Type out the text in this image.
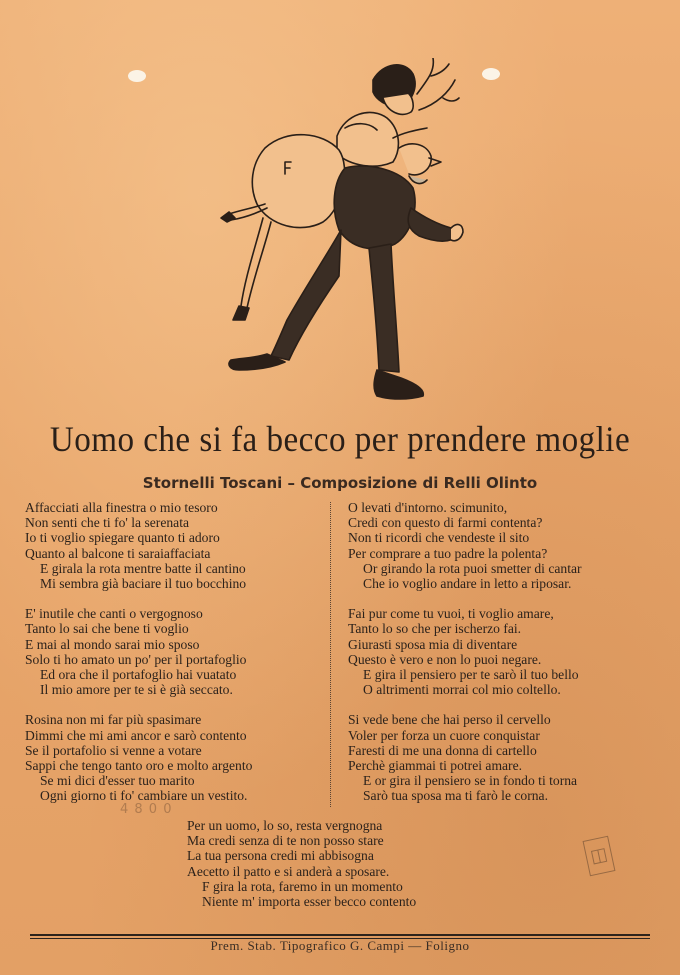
Uomo che si fa becco per prendere moglie
Stornelli Toscani – Composizione di Relli Olinto
Affacciati alla finestra o mio tesoro
Non senti che ti fo' la serenata
Io ti voglio spiegare quanto ti adoro
Quanto al balcone ti saraiaffaciata
E girala la rota mentre batte il cantino
Mi sembra già baciare il tuo bocchino
E' inutile che canti o vergognoso
Tanto lo sai che bene ti voglio
E mai al mondo sarai mio sposo
Solo ti ho amato un po' per il portafoglio
Ed ora che il portafoglio hai vuatato
Il mio amore per te si è già seccato.
Rosina non mi far più spasimare
Dimmi che mi ami ancor e sarò contento
Se il portafolio si venne a votare
Sappi che tengo tanto oro e molto argento
Se mi dici d'esser tuo marito
Ogni giorno ti fo' cambiare un vestito.
O levati d'intorno. scimunito,
Credi con questo di farmi contenta?
Non ti ricordi che vendeste il sito
Per comprare a tuo padre la polenta?
Or girando la rota puoi smetter di cantar
Che io voglio andare in letto a riposar.
Fai pur come tu vuoi, ti voglio amare,
Tanto lo so che per ischerzo fai.
Giurasti sposa mia di diventare
Questo è vero e non lo puoi negare.
E gira il pensiero per te sarò il tuo bello
O altrimenti morrai col mio coltello.
Si vede bene che hai perso il cervello
Voler per forza un cuore conquistar
Faresti di me una donna di cartello
Perchè giammai ti potrei amare.
E or gira il pensiero se in fondo ti torna
Sarò tua sposa ma ti farò le corna.
4 8 0 0
Per un uomo, lo so, resta vergnogna
Ma credi senza di te non posso stare
La tua persona credi mi abbisogna
Aecetto il patto e si anderà a sposare.
F gira la rota, faremo in un momento
Niente m' importa esser becco contento
◫
Prem. Stab. Tipografico G. Campi — Foligno
